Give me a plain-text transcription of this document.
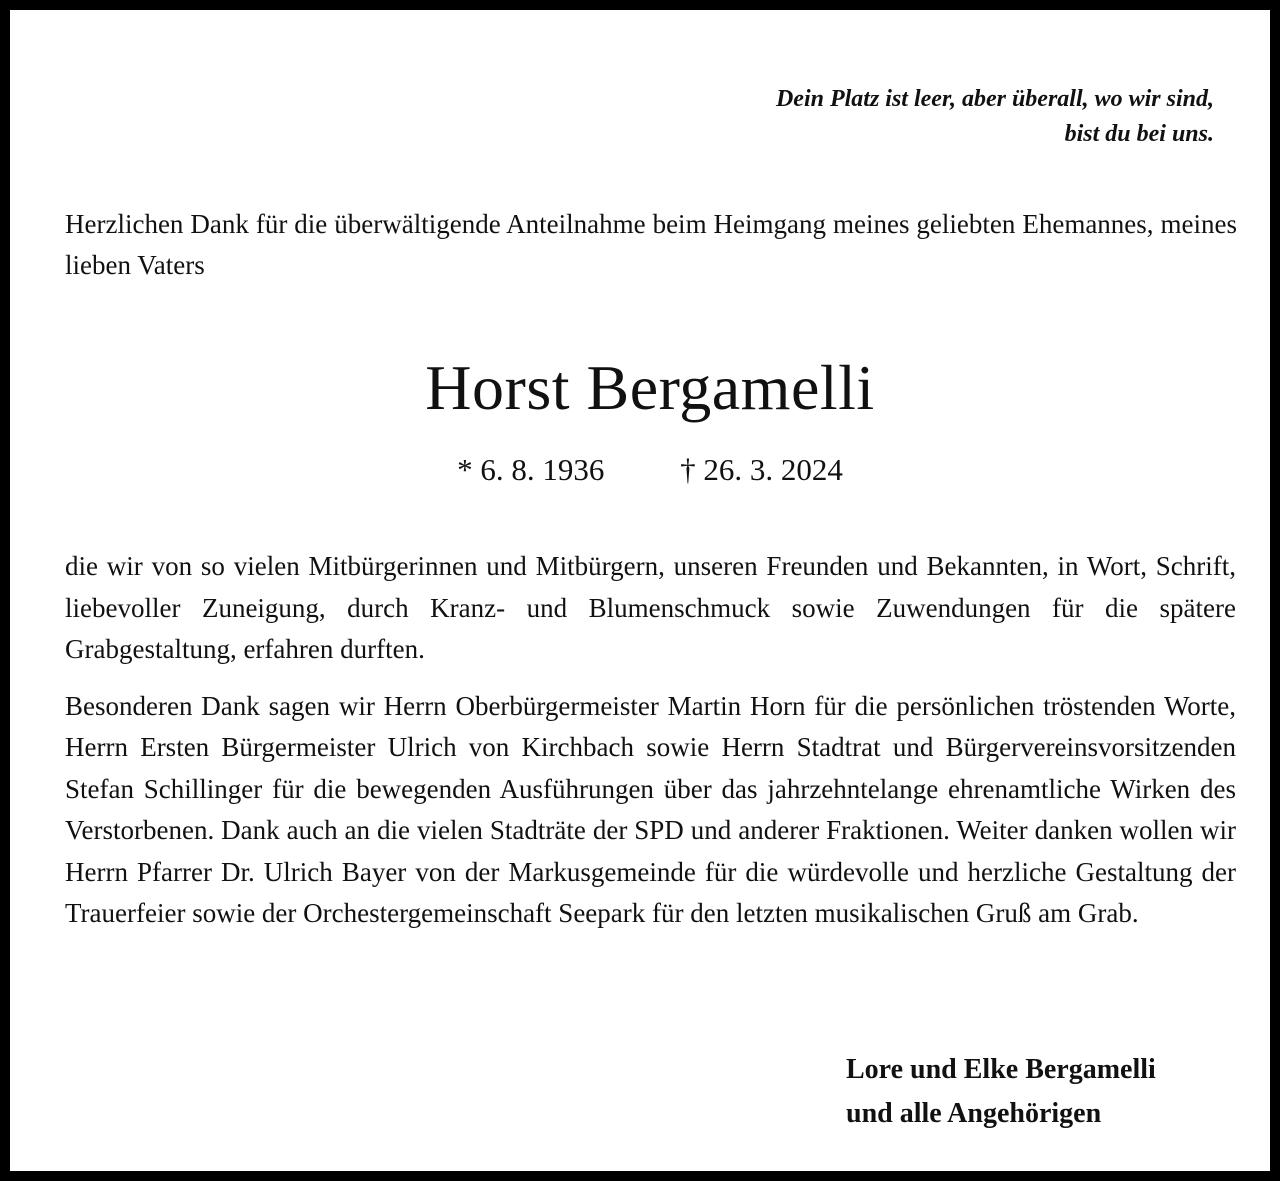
Dein Platz ist leer, aber überall, wo wir sind,
bist du bei uns.
Herzlichen Dank für die überwältigende Anteilnahme beim Heimgang meines geliebten Ehemannes, meines lieben Vaters
Horst Bergamelli
* 6. 8. 1936 † 26. 3. 2024

die wir von so vielen Mitbürgerinnen und Mitbürgern, unseren Freunden und Bekannten, in Wort, Schrift, liebevoller Zuneigung, durch Kranz- und Blumenschmuck sowie Zuwendungen für die spätere Grabgestaltung, erfahren durften.

Besonderen Dank sagen wir Herrn Oberbürgermeister Martin Horn für die persönlichen tröstenden Worte, Herrn Ersten Bürgermeister Ulrich von Kirchbach sowie Herrn Stadtrat und Bürgervereinsvorsitzenden Stefan Schillinger für die bewegenden Ausführungen über das jahrzehntelange ehrenamtliche Wirken des Verstorbenen. Dank auch an die vielen Stadträte der SPD und anderer Fraktionen. Weiter danken wollen wir Herrn Pfarrer Dr. Ulrich Bayer von der Markusgemeinde für die würdevolle und herzliche Gestaltung der Trauerfeier sowie der Orchestergemeinschaft Seepark für den letzten musikalischen Gruß am Grab.

Lore und Elke Bergamelli
und alle Angehörigen
